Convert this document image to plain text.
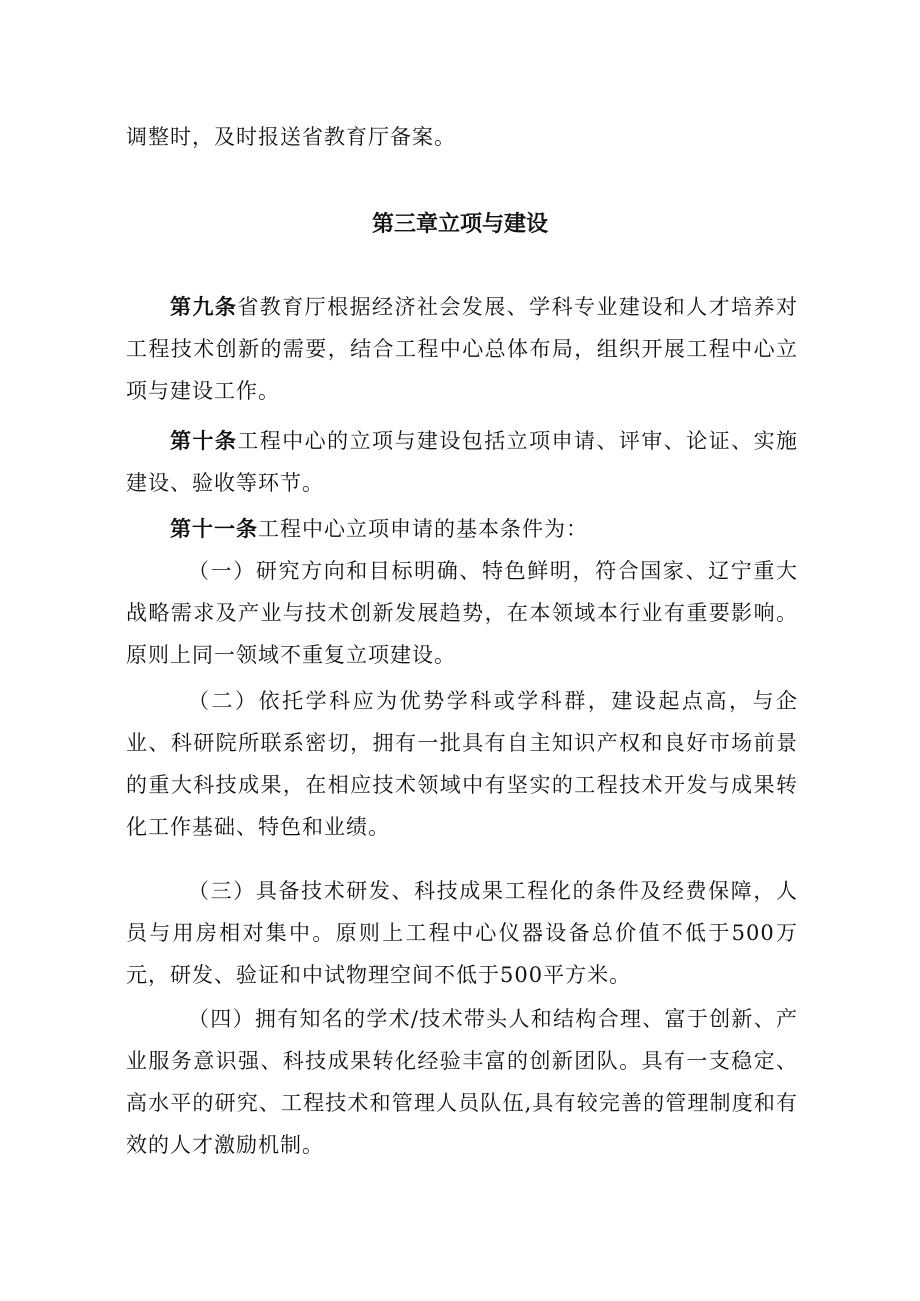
调整时，及时报送省教育厅备案。

第三章立项与建设

第九条省教育厅根据经济社会发展、学科专业建设和人才培养对工程技术创新的需要，结合工程中心总体布局，组织开展工程中心立项与建设工作。

第十条工程中心的立项与建设包括立项申请、评审、论证、实施建设、验收等环节。

第十一条工程中心立项申请的基本条件为：

（一）研究方向和目标明确、特色鲜明，符合国家、辽宁重大战略需求及产业与技术创新发展趋势，在本领域本行业有重要影响。原则上同一领域不重复立项建设。

（二）依托学科应为优势学科或学科群，建设起点高，与企业、科研院所联系密切，拥有一批具有自主知识产权和良好市场前景的重大科技成果，在相应技术领域中有坚实的工程技术开发与成果转化工作基础、特色和业绩。

（三）具备技术研发、科技成果工程化的条件及经费保障，人员与用房相对集中。原则上工程中心仪器设备总价值不低于500万元，研发、验证和中试物理空间不低于500平方米。

（四）拥有知名的学术/技术带头人和结构合理、富于创新、产业服务意识强、科技成果转化经验丰富的创新团队。具有一支稳定、高水平的研究、工程技术和管理人员队伍,具有较完善的管理制度和有效的人才激励机制。
